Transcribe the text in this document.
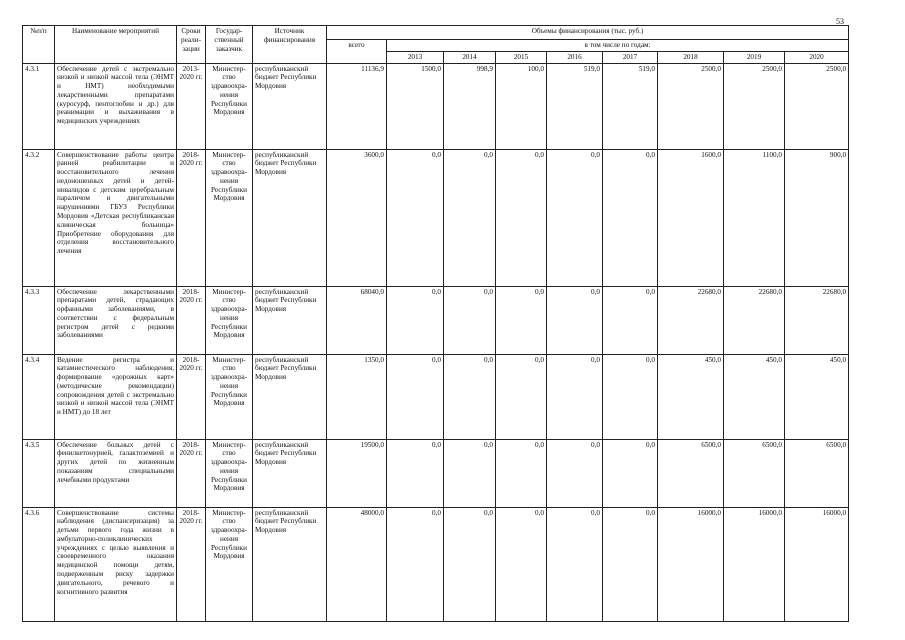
53
№п/п	Наименование мероприятий	Сроки реали-зации	Государ-ственный заказчик	Источник финансирования	Объемы финансирования (тыс. руб.)								
					всего	в том числе по годам:							
						2013	2014	2015	2016	2017	2018	2019	2020
4.3.1	Обеспечение детей с экстремально низкой и низкой массой тела (ЭНМТ и НМТ) необходимыми лекарственными препаратами (куросурф, пентоглобин и др.) для реанимации и выхаживания в медицинских учреждениях	2013-2020 гг.	Министер-ство здравоохра-нения Республики Мордовия	республиканский бюджет Республики Мордовия	11136,9	1500,0	998,9	100,0	519,0	519,0	2500,0	2500,0	2500,0
4.3.2	Совершенствование работы центра ранней реабилитации и восстановительного лечения недоношенных детей и детей-инвалидов с детским церебральным параличом и двигательными нарушениями ГБУЗ Республики Мордовия «Детская республиканская клиническая больница» Приобретение оборудования для отделения восстановительного лечения	2018-2020 гг.	Министер-ство здравоохра-нения Республики Мордовия	республиканский бюджет Республики Мордовия	3600,0	0,0	0,0	0,0	0,0	0,0	1600,0	1100,0	900,0
4.3.3	Обеспечение лекарственными препаратами детей, страдающих орфанными заболеваниями, в соответствии с федеральным регистром детей с редкими заболеваниями	2018-2020 гг.	Министер-ство здравоохра-нения Республики Мордовия	республиканский бюджет Республики Мордовия	68040,0	0,0	0,0	0,0	0,0	0,0	22680,0	22680,0	22680,0
4.3.4	Ведение регистра и катамнестического наблюдения, формирование «дорожных карт» (методические рекомендации) сопровождения детей с экстремально низкой и низкой массой тела (ЭНМТ и НМТ) до 18 лет	2018-2020 гг.	Министер-ство здравоохра-нения Республики Мордовия	республиканский бюджет Республики Мордовия	1350,0	0,0	0,0	0,0	0,0	0,0	450,0	450,0	450,0
4.3.5	Обеспечение больных детей с фенилкетонурией, галактоземией и других детей по жизненным показаниям специальными лечебными продуктами	2018-2020 гг.	Министер-ство здравоохра-нения Республики Мордовия	республиканский бюджет Республики Мордовия	19500,0	0,0	0,0	0,0	0,0	0,0	6500,0	6500,0	6500,0
4.3.6	Совершенствование системы наблюдения (диспансеризация) за детьми первого года жизни в амбулаторно-поликлинических учреждениях с целью выявления и своевременного оказания медицинской помощи детям, подверженным риску задержки двигательного, речевого и когнитивного развития	2018-2020 гг.	Министер-ство здравоохра-нения Республики Мордовия	республиканский бюджет Республики Мордовия	48000,0	0,0	0,0	0,0	0,0	0,0	16000,0	16000,0	16000,0
